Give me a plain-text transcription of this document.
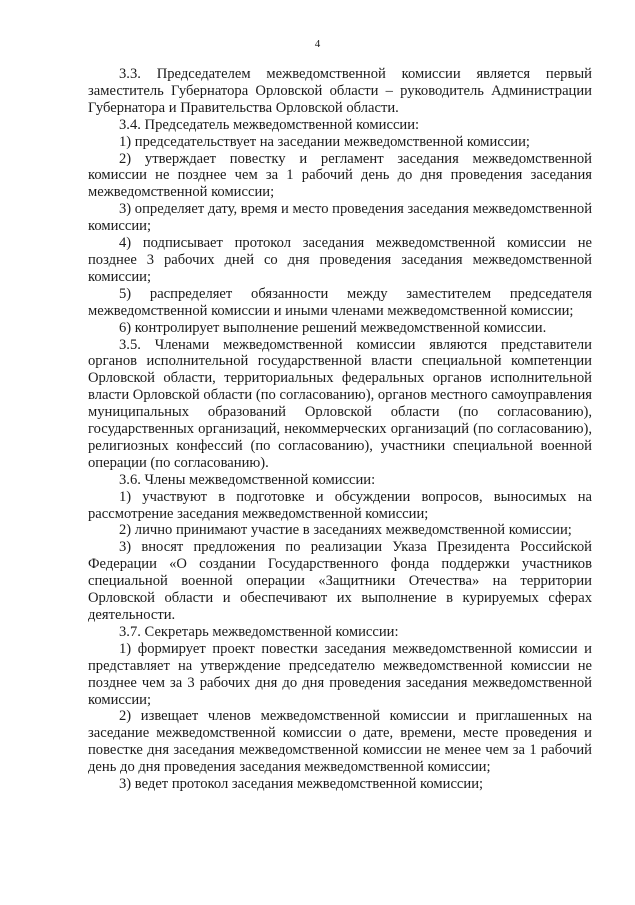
4

3.3. Председателем межведомственной комиссии является первый заместитель Губернатора Орловской области – руководитель Администрации Губернатора и Правительства Орловской области.

3.4. Председатель межведомственной комиссии:

1) председательствует на заседании межведомственной комиссии;

2) утверждает повестку и регламент заседания межведомственной комиссии не позднее чем за 1 рабочий день до дня проведения заседания межведомственной комиссии;

3) определяет дату, время и место проведения заседания межведомственной комиссии;

4) подписывает протокол заседания межведомственной комиссии не позднее 3 рабочих дней со дня проведения заседания межведомственной комиссии;

5) распределяет обязанности между заместителем председателя межведомственной комиссии и иными членами межведомственной комиссии;

6) контролирует выполнение решений межведомственной комиссии.

3.5. Членами межведомственной комиссии являются представители органов исполнительной государственной власти специальной компетенции Орловской области, территориальных федеральных органов исполнительной власти Орловской области (по согласованию), органов местного самоуправления муниципальных образований Орловской области (по согласованию), государственных организаций, некоммерческих организаций (по согласованию), религиозных конфессий (по согласованию), участники специальной военной операции (по согласованию).

3.6. Члены межведомственной комиссии:

1) участвуют в подготовке и обсуждении вопросов, выносимых на рассмотрение заседания межведомственной комиссии;

2) лично принимают участие в заседаниях межведомственной комиссии;

3) вносят предложения по реализации Указа Президента Российской Федерации «О создании Государственного фонда поддержки участников специальной военной операции «Защитники Отечества» на территории Орловской области и обеспечивают их выполнение в курируемых сферах деятельности.

3.7. Секретарь межведомственной комиссии:

1) формирует проект повестки заседания межведомственной комиссии и представляет на утверждение председателю межведомственной комиссии не позднее чем за 3 рабочих дня до дня проведения заседания межведомственной комиссии;

2) извещает членов межведомственной комиссии и приглашенных на заседание межведомственной комиссии о дате, времени, месте проведения и повестке дня заседания межведомственной комиссии не менее чем за 1 рабочий день до дня проведения заседания межведомственной комиссии;

3) ведет протокол заседания межведомственной комиссии;
